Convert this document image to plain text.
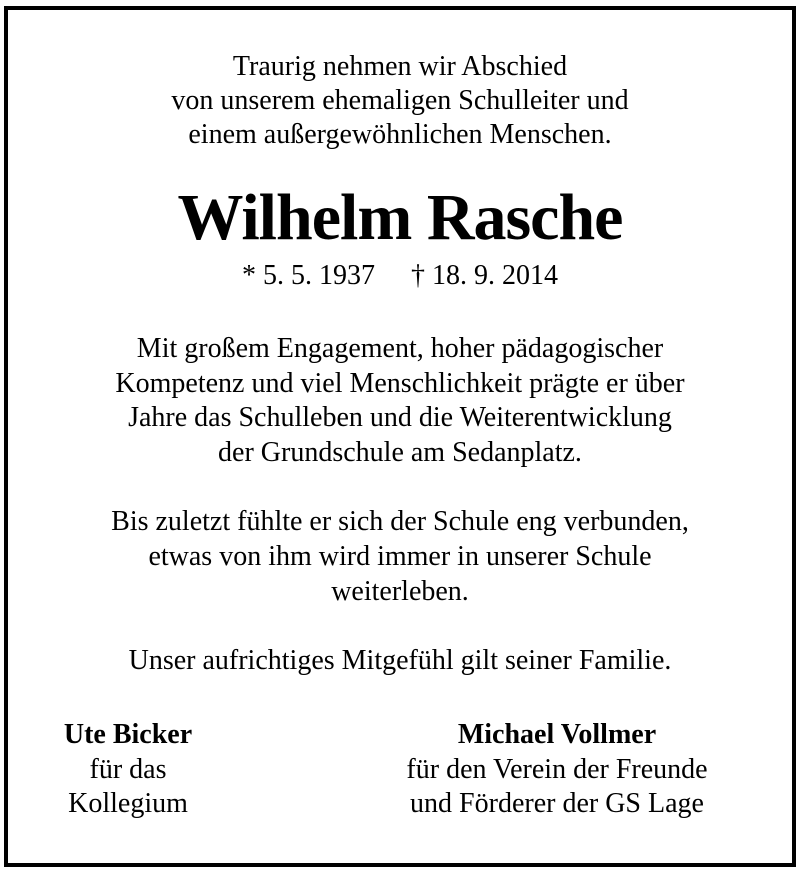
Traurig nehmen wir Abschied
von unserem ehemaligen Schulleiter und
einem außergewöhnlichen Menschen.
Wilhelm Rasche
* 5. 5. 1937 † 18. 9. 2014
Mit großem Engagement, hoher pädagogischer
Kompetenz und viel Menschlichkeit prägte er über
Jahre das Schulleben und die Weiterentwicklung
der Grundschule am Sedanplatz.
Bis zuletzt fühlte er sich der Schule eng verbunden,
etwas von ihm wird immer in unserer Schule
weiterleben.
Unser aufrichtiges Mitgefühl gilt seiner Familie.
Ute Bicker
für das
Kollegium
Michael Vollmer
für den Verein der Freunde
und Förderer der GS Lage
